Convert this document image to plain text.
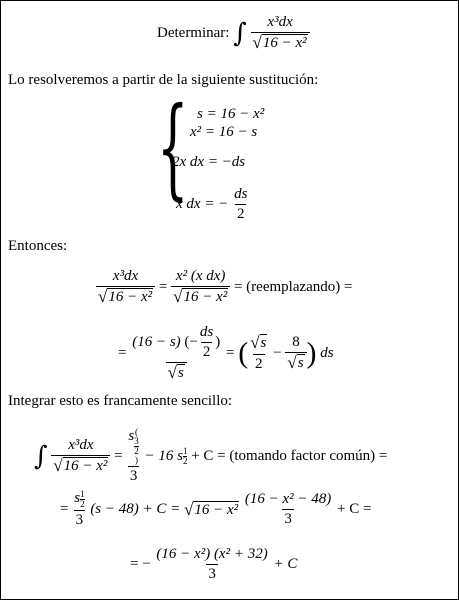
Determinar: ∫ $\frac{\text{x³dx}}{\text{√ 16 − x²}}$
Lo resolveremos a partir de la siguiente sustitución:
{ s = 16 − x²
x² = 16 − s
2x dx = −ds
x dx = − $\frac{ds}{2}$
Entonces:
$\frac{\text{x³dx}}{\text{√ 16 − x²}} = \frac{\text{x² (x dx)}}{\text{√ 16 − x²}}$ = (reemplazando) =
= $\frac{(16 - s) (- \frac{ds}{2} )}{√ s}$ = ( $\frac{√ s}{2} - \frac{8}{√ s}$ ) ds
Integrar esto es francamente sencillo:
∫ $\frac{\text{x³dx}}{\text{√ 16 − x²}} = s$(
3
2
)
3 − 16 s $\frac{1}{2} + C$ = (tomando factor común) =
= $\frac{s \frac{1}{2}}{3} (s - 48) + C$ = √ 16 − x²
$\frac{\text{(16 − x² − 48)}}{3} + C$ =
= − $\frac{\text{(16 − x²) (x² + 32)}}{3} + C$
